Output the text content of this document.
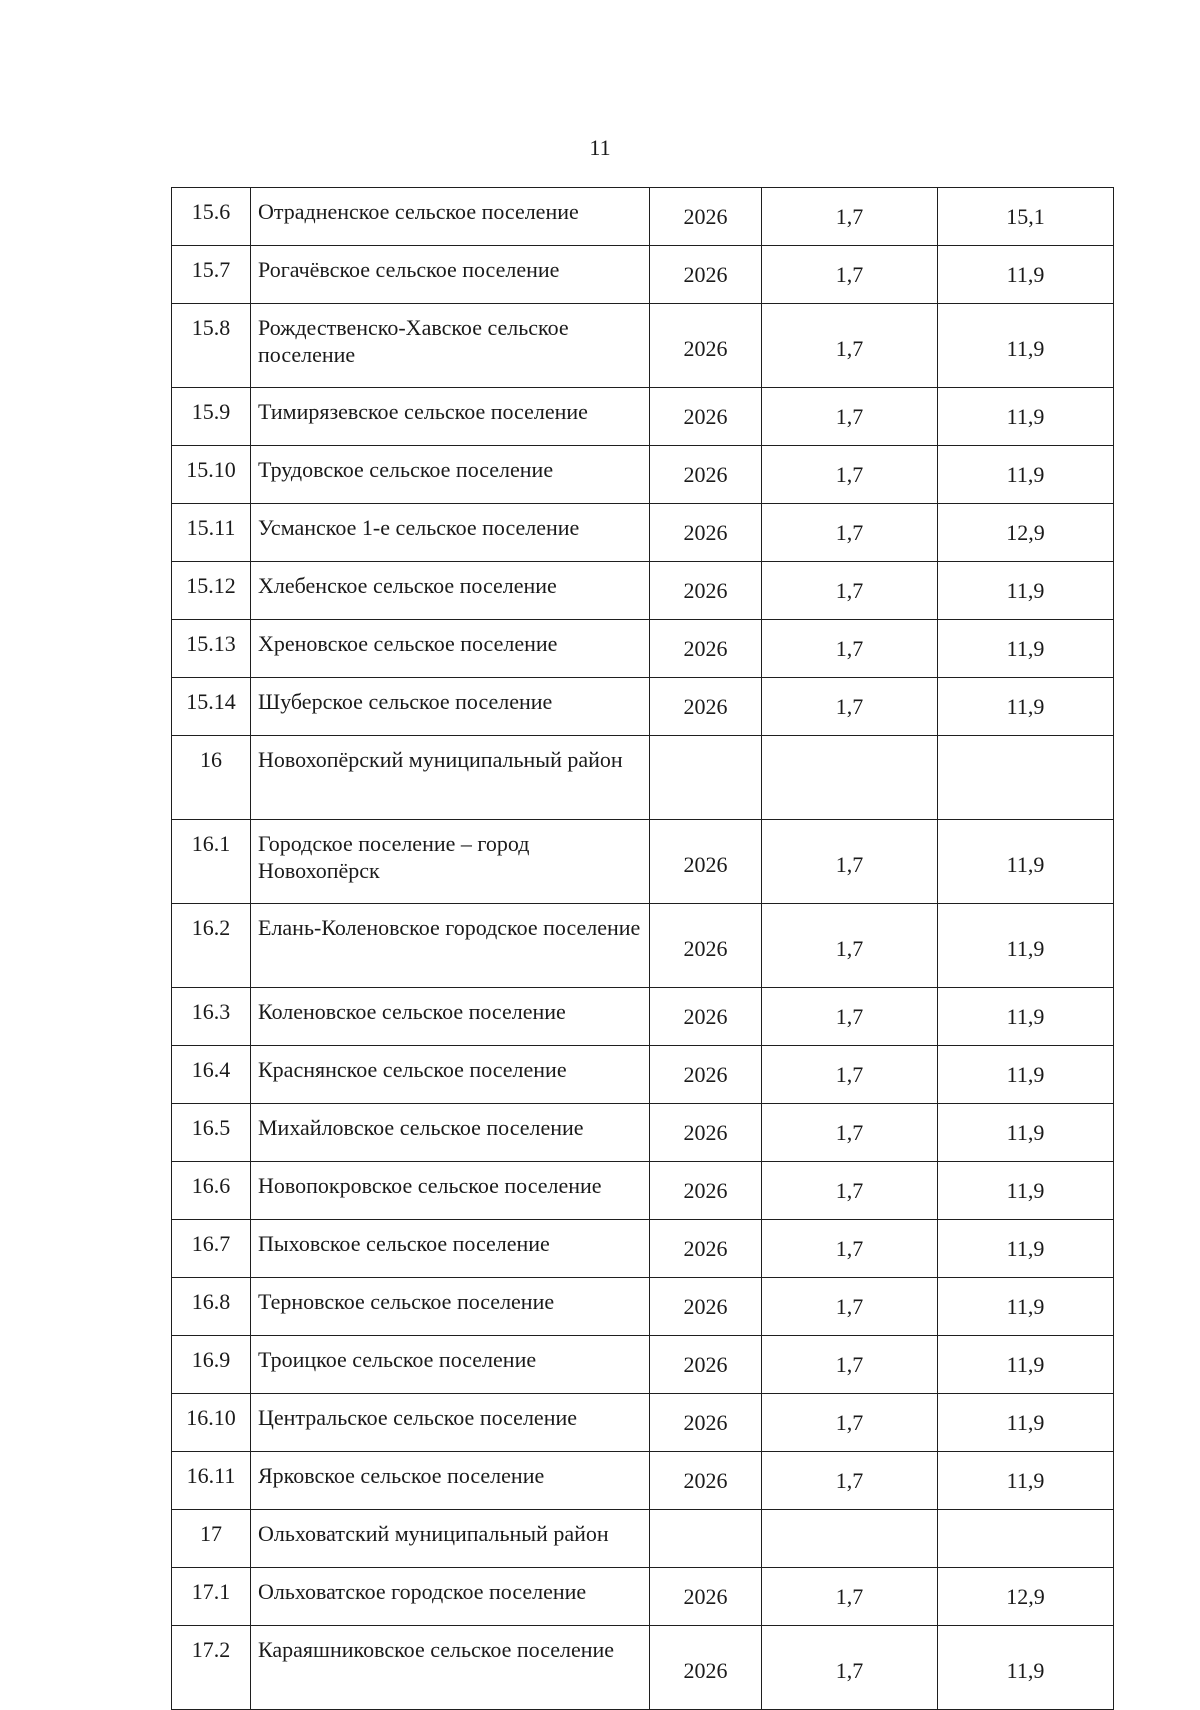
11
15.6	Отрадненское сельское поселение	2026	1,7	15,1
15.7	Рогачёвское сельское поселение	2026	1,7	11,9
15.8	Рождественско-Хавское сельское поселение	2026	1,7	11,9
15.9	Тимирязевское сельское поселение	2026	1,7	11,9
15.10	Трудовское сельское поселение	2026	1,7	11,9
15.11	Усманское 1-е сельское поселение	2026	1,7	12,9
15.12	Хлебенское сельское поселение	2026	1,7	11,9
15.13	Хреновское сельское поселение	2026	1,7	11,9
15.14	Шуберское сельское поселение	2026	1,7	11,9
16	Новохопёрский муниципальный район			
16.1	Городское поселение – город Новохопёрск	2026	1,7	11,9
16.2	Елань-Коленовское городское поселение	2026	1,7	11,9
16.3	Коленовское сельское поселение	2026	1,7	11,9
16.4	Краснянское сельское поселение	2026	1,7	11,9
16.5	Михайловское сельское поселение	2026	1,7	11,9
16.6	Новопокровское сельское поселение	2026	1,7	11,9
16.7	Пыховское сельское поселение	2026	1,7	11,9
16.8	Терновское сельское поселение	2026	1,7	11,9
16.9	Троицкое сельское поселение	2026	1,7	11,9
16.10	Центральское сельское поселение	2026	1,7	11,9
16.11	Ярковское сельское поселение	2026	1,7	11,9
17	Ольховатский муниципальный район			
17.1	Ольховатское городское поселение	2026	1,7	12,9
17.2	Караяшниковское сельское поселение	2026	1,7	11,9
